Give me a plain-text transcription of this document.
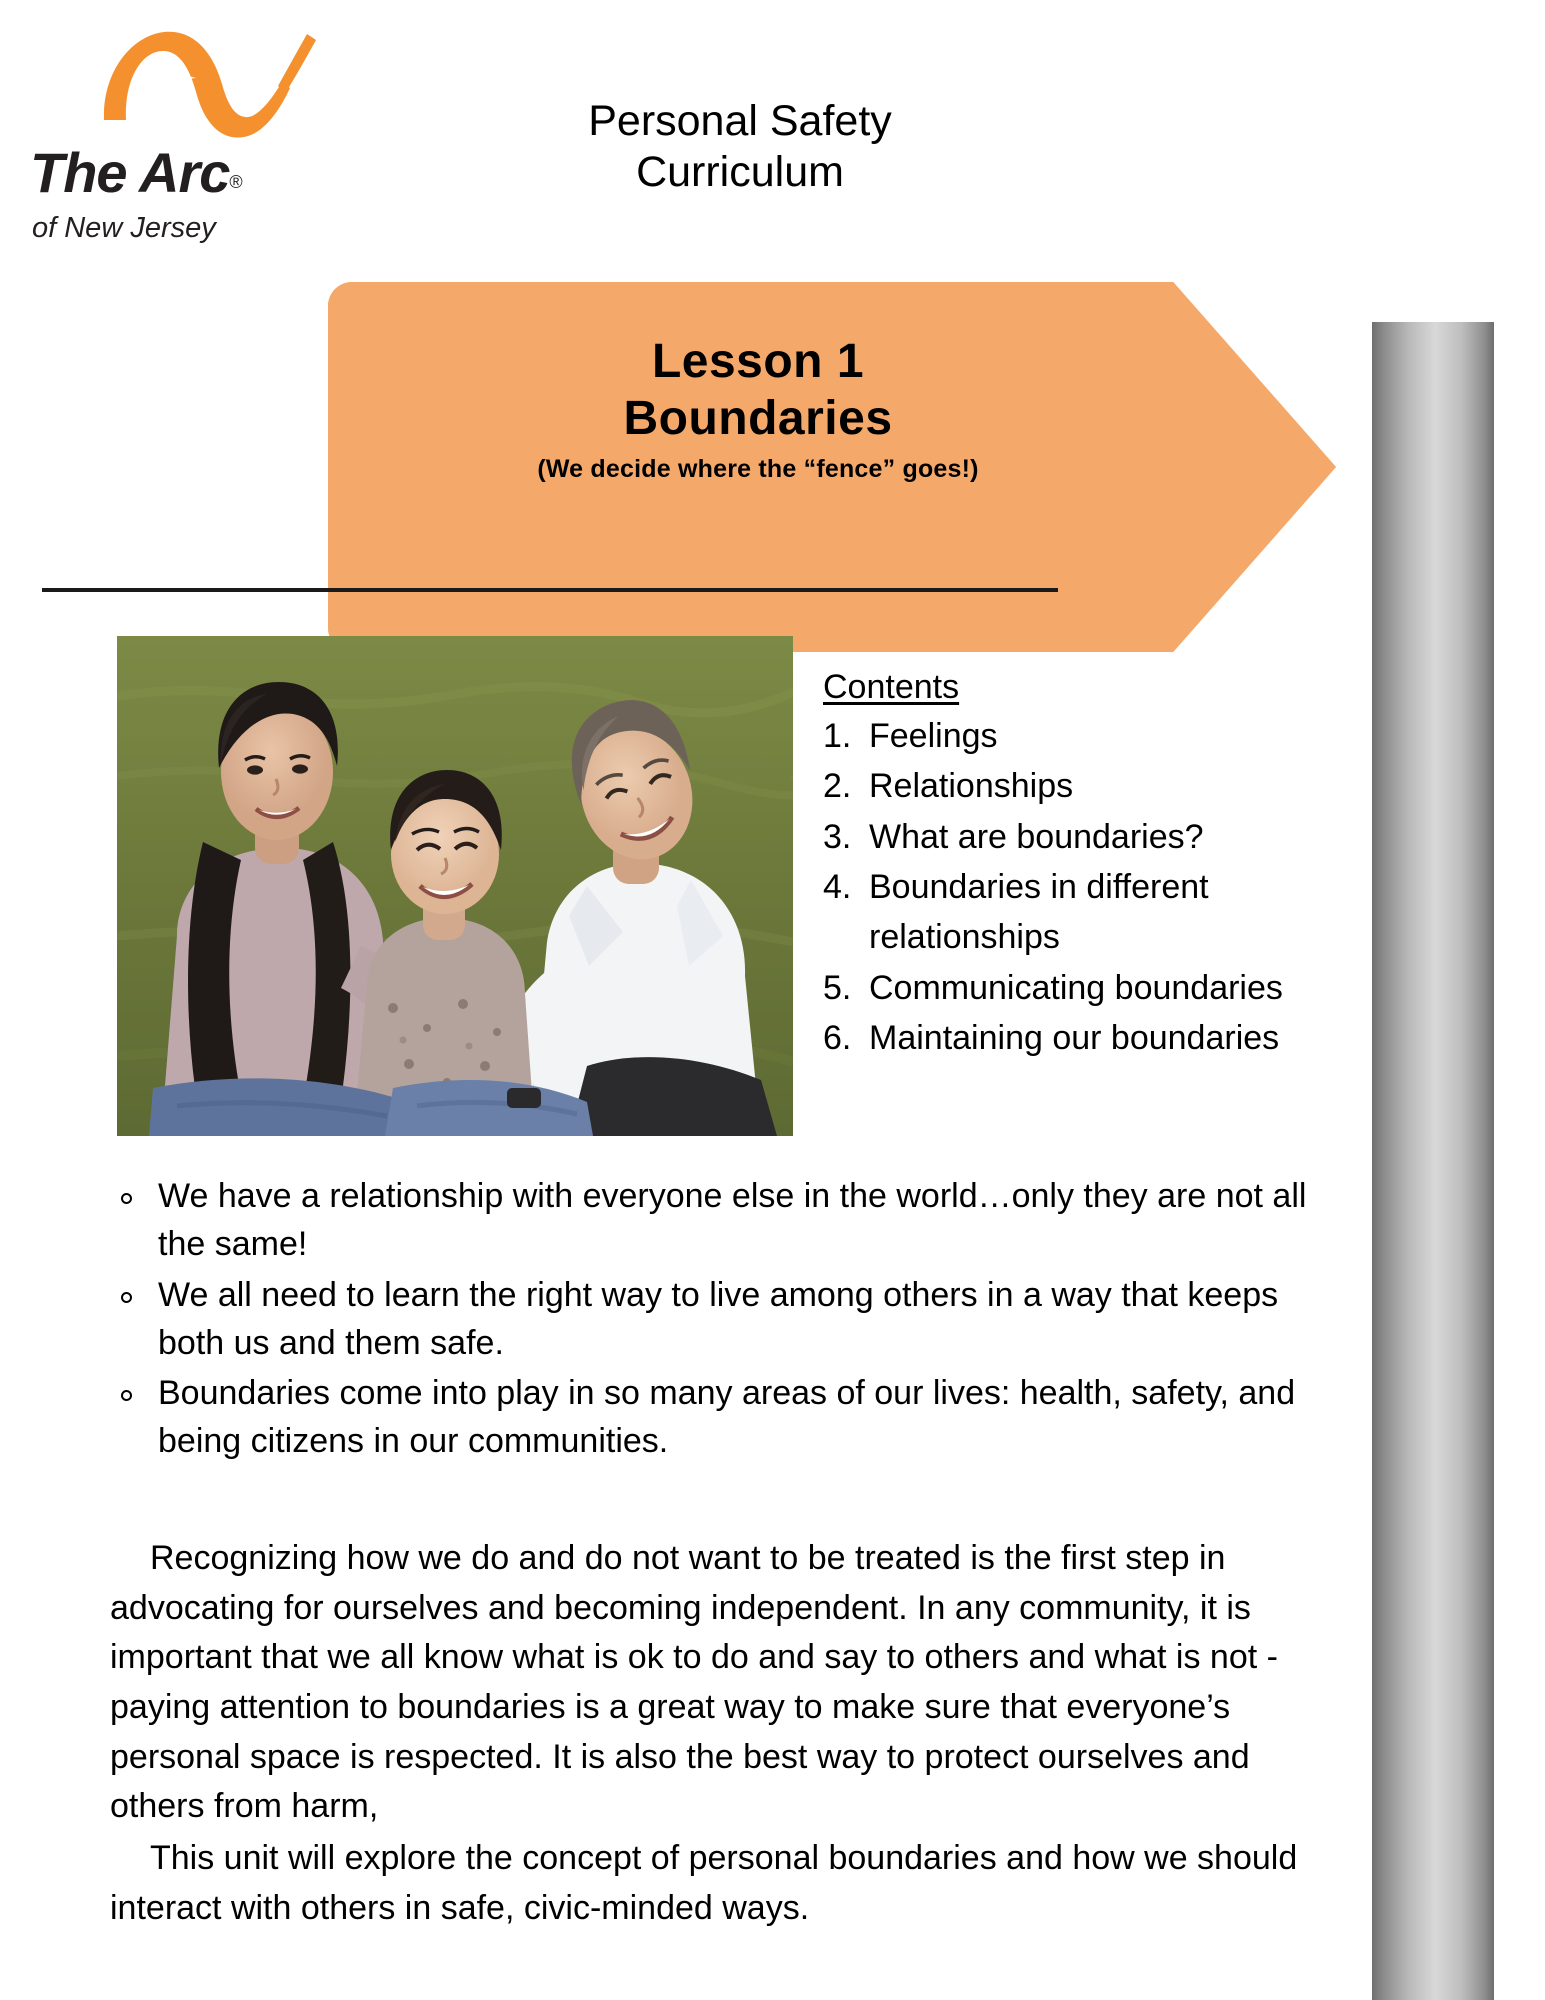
The Arc®
of New Jersey
Personal Safety
Curriculum
Lesson 1
Boundaries
(We decide where the “fence” goes!)
Contents
1. Feelings
2. Relationships
3. What are boundaries?
4. Boundaries in different relationships
5. Communicating boundaries
6. Maintaining our boundaries
We have a relationship with everyone else in the world…only they are not all the same!
We all need to learn the right way to live among others in a way that keeps both us and them safe.
Boundaries come into play in so many areas of our lives: health, safety, and being citizens in our communities.

Recognizing how we do and do not want to be treated is the first step in advocating for ourselves and becoming independent. In any community, it is important that we all know what is ok to do and say to others and what is not - paying attention to boundaries is a great way to make sure that everyone’s personal space is respected. It is also the best way to protect ourselves and others from harm,

This unit will explore the concept of personal boundaries and how we should interact with others in safe, civic-minded ways.
